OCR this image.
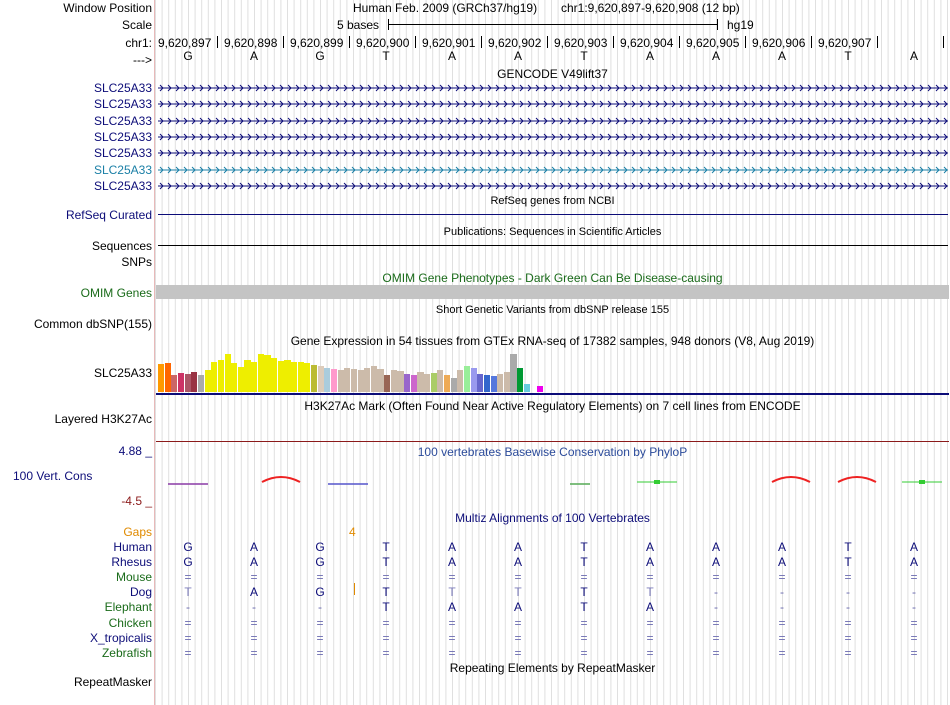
Window Position
Scale
chr1:
--->
Human Feb. 2009 (GRCh37/hg19) chr1:9,620,897-9,620,908 (12 bp)
5 bases	hg19
9,620,897 9,620,898 9,620,899 9,620,900 9,620,901 9,620,902 9,620,903 9,620,904 9,620,905 9,620,906 9,620,907
G	A	G	T	A	A	T	A	A	A	T	A
GENCODE V49lift37
SLC25A33
SLC25A33
SLC25A33
SLC25A33
SLC25A33
SLC25A33
SLC25A33
RefSeq genes from NCBI
RefSeq Curated
Publications: Sequences in Scientific Articles
Sequences
SNPs
OMIM Gene Phenotypes - Dark Green Can Be Disease-causing
OMIM Genes
Short Genetic Variants from dbSNP release 155
Common dbSNP(155)
Gene Expression in 54 tissues from GTEx RNA-seq of 17382 samples, 948 donors (V8, Aug 2019)
SLC25A33
H3K27Ac Mark (Often Found Near Active Regulatory Elements) on 7 cell lines from ENCODE
Layered H3K27Ac
4.88 _	100 vertebrates Basewise Conservation by PhyloP
100 Vert. Cons
-4.5 _
Multiz Alignments of 100 Vertebrates
Gaps	4
Human	G	A	G	T	A	A	T	A	A	A	T	A
Rhesus	G	A	G	T	A	A	T	A	A	A	T	A
Mouse	=	=	=	=	=	=	=	=	=	=	=	=
Dog	T	A	G	T	T	T	T	T	-	-	-	-
Elephant	-	-	-	T	A	A	T	A	-	-	-	-
Chicken	=	=	=	=	=	=	=	=	=	=	=	=
X_tropicalis	=	=	=	=	=	=	=	=	=	=	=	=
Zebrafish	=	=	=	=	=	=	=	=	=	=	=	=
Repeating Elements by RepeatMasker
RepeatMasker
